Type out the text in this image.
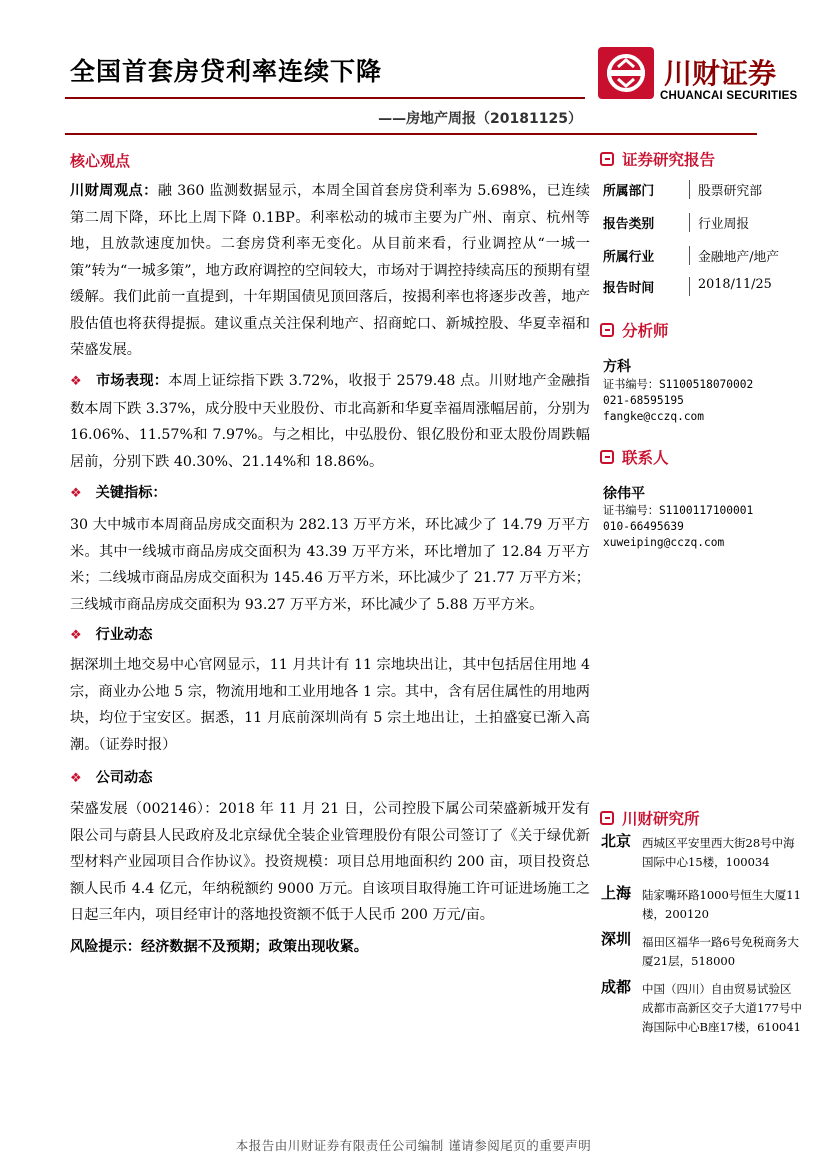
全国首套房贷利率连续下降
——房地产周报（20181125）
川财证券
CHUANCAI SECURITIES
核心观点
川财周观点：融 360 监测数据显示，本周全国首套房贷利率为 5.698%，已连续第二周下降，环比上周下降 0.1BP。利率松动的城市主要为广州、南京、杭州等地，且放款速度加快。二套房贷利率无变化。从目前来看，行业调控从“一城一策”转为“一城多策”，地方政府调控的空间较大，市场对于调控持续高压的预期有望缓解。我们此前一直提到，十年期国债见顶回落后，按揭利率也将逐步改善，地产股估值也将获得提振。建议重点关注保利地产、招商蛇口、新城控股、华夏幸福和荣盛发展。
❖ 市场表现：本周上证综指下跌 3.72%，收报于 2579.48 点。川财地产金融指数本周下跌 3.37%，成分股中天业股份、市北高新和华夏幸福周涨幅居前，分别为 16.06%、11.57%和 7.97%。与之相比，中弘股份、银亿股份和亚太股份周跌幅居前，分别下跌 40.30%、21.14%和 18.86%。
❖ 关键指标：
30 大中城市本周商品房成交面积为 282.13 万平方米，环比减少了 14.79 万平方米。其中一线城市商品房成交面积为 43.39 万平方米，环比增加了 12.84 万平方米；二线城市商品房成交面积为 145.46 万平方米，环比减少了 21.77 万平方米；三线城市商品房成交面积为 93.27 万平方米，环比减少了 5.88 万平方米。
❖ 行业动态
据深圳土地交易中心官网显示，11 月共计有 11 宗地块出让，其中包括居住用地 4 宗，商业办公地 5 宗，物流用地和工业用地各 1 宗。其中，含有居住属性的用地两块，均位于宝安区。据悉，11 月底前深圳尚有 5 宗土地出让，土拍盛宴已渐入高潮。（证券时报）
❖ 公司动态
荣盛发展（002146）：2018 年 11 月 21 日，公司控股下属公司荣盛新城开发有限公司与蔚县人民政府及北京绿优全装企业管理股份有限公司签订了《关于绿优新型材料产业园项目合作协议》。投资规模：项目总用地面积约 200 亩，项目投资总额人民币 4.4 亿元，年纳税额约 9000 万元。自该项目取得施工许可证进场施工之日起三年内，项目经审计的落地投资额不低于人民币 200 万元/亩。
风险提示：经济数据不及预期；政策出现收紧。
证券研究报告
所属部门	股票研究部
报告类别	行业周报
所属行业	金融地产/地产
报告时间	2018/11/25
分析师
方科
证书编号：S1100518070002
021-68595195
fangke@cczq.com
联系人
徐伟平
证书编号：S1100117100001
010-66495639
xuweiping@cczq.com
川财研究所
北京 西城区平安里西大街28号中海国际中心15楼，100034
上海 陆家嘴环路1000号恒生大厦11楼，200120
深圳 福田区福华一路6号免税商务大厦21层，518000
成都 中国（四川）自由贸易试验区成都市高新区交子大道177号中海国际中心B座17楼，610041
本报告由川财证券有限责任公司编制 谨请参阅尾页的重要声明
